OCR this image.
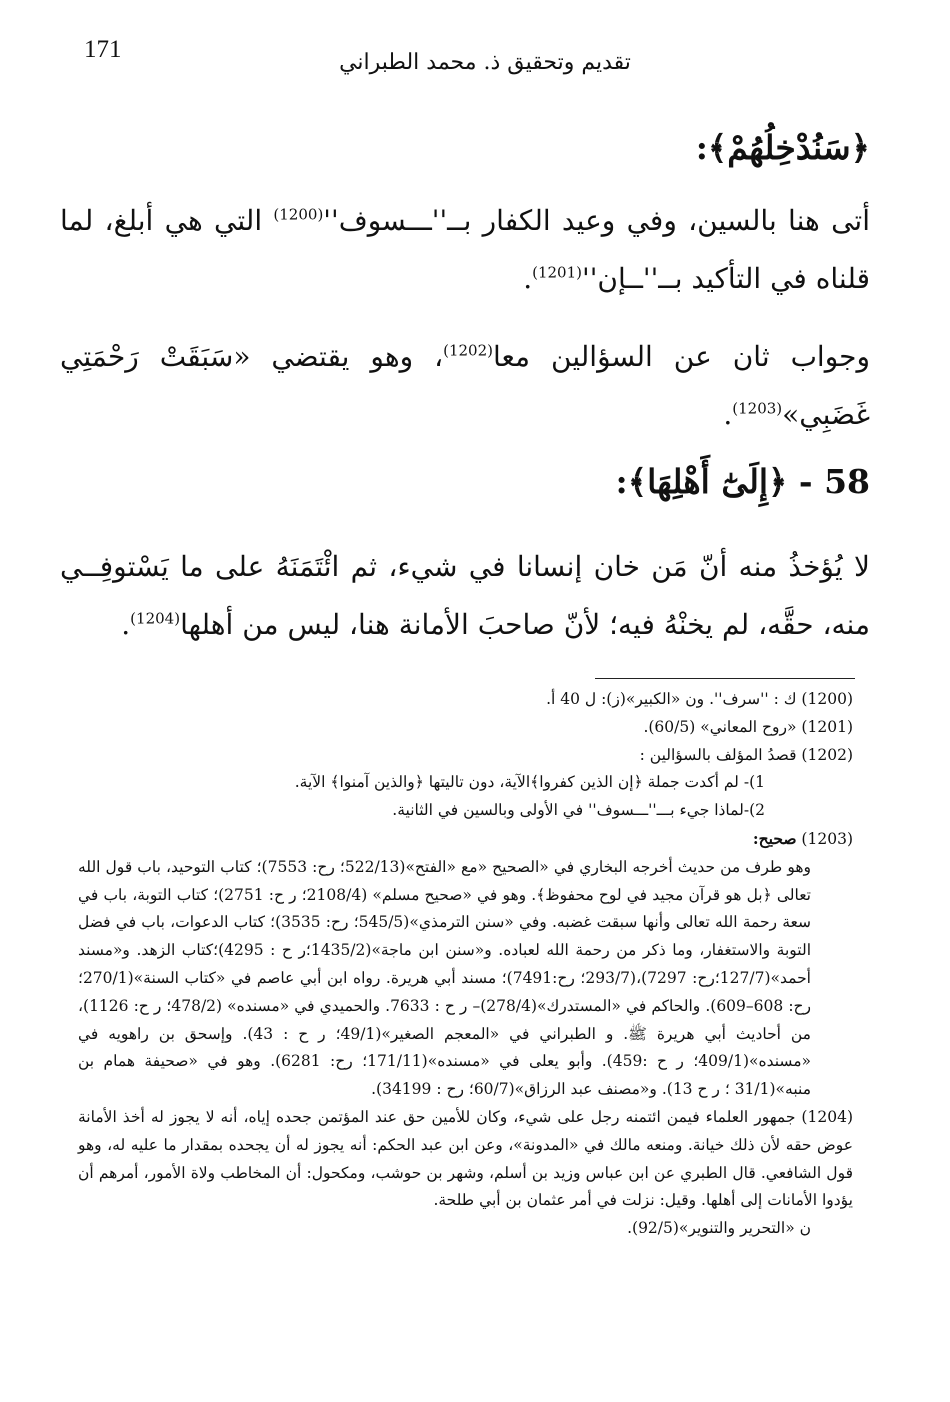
171	تقديم وتحقيق ذ. محمد الطبراني
﴿سَنُدْخِلُهُمْ﴾:
أتى هنا بالسين، وفي وعيد الكفار $بــ''ـــسوف''^{(1200)}$ التي هي أبلغ، لما قلناه في التأكيد $بــ''ــإن''^{(1201)}$.
وجواب ثان عن السؤالين معا$^{(1202)}$، وهو يقتضي «سَبَقَتْ رَحْمَتِي غَضَبِي»$^{(1203)}$.
58 - ﴿إِلَىٰٓ أَهْلِهَا﴾:
لا يُؤخذُ منه أنّ مَن خان إنسانا في شيء، ثم ائْتَمَنَهُ على ما يَسْتوفِــي منه، حقَّه، لم يخنْهُ فيه؛ لأنّ صاحبَ الأمانة هنا، ليس من أهلها$^{(1204)}$.

(1200) ك : ''سرف''. ون «الكبير»(ز): ل 40 أ.

(1201) «روح المعاني» (60/5).

(1202) قصدُ المؤلف بالسؤالين :

1)- لم أكدت جملة ﴿إن الذين كفروا﴾الآية، دون تاليتها ﴿والذين آمنوا﴾ الآية.

2)-لماذا جيء بـــ''ـــسوف'' في الأولى وبالسين في الثانية.

(1203) صحيح:

وهو طرف من حديث أخرجه البخاري في «الصحيح «مع «الفتح»(522/13؛ رح: 7553)؛ كتاب التوحيد، باب قول الله تعالى ﴿بل هو قرآن مجيد في لوح محفوظ﴾. وهو في «صحيح مسلم» (2108/4؛ ر ح: 2751)؛ كتاب التوبة، باب في سعة رحمة الله تعالى وأنها سبقت غضبه. وفي «سنن الترمذي»(545/5؛ رح: 3535)؛ كتاب الدعوات، باب في فضل التوبة والاستغفار، وما ذكر من رحمة الله لعباده. و«سنن ابن ماجة»(1435/2؛ر ح : 4295)؛كتاب الزهد. و«مسند أحمد»(127/7؛رح: 7297)،(293/7؛ رح:7491)؛ مسند أبي هريرة. رواه ابن أبي عاصم في «كتاب السنة»(270/1؛ رح: 608–609). والحاكم في «المستدرك»(278/4)– ر ح : 7633. والحميدي في «مسنده» (478/2؛ ر ح: 1126)، من أحاديث أبي هريرة ﷺ. و الطبراني في «المعجم الصغير»(49/1؛ ر ح : 43). وإسحق بن راهويه في «مسنده»(409/1؛ ر ح :459). وأبو يعلى في «مسنده»(171/11؛ رح: 6281). وهو في «صحيفة همام بن منبه»(31/1 ؛ ر ح 13). و«مصنف عبد الرزاق»(60/7؛ رح : 34199).

(1204) جمهور العلماء فيمن ائتمنه رجل على شيء، وكان للأمين حق عند المؤتمن جحده إياه، أنه لا يجوز له أخذ الأمانة عوض حقه لأن ذلك خيانة. ومنعه مالك في «المدونة»، وعن ابن عبد الحكم: أنه يجوز له أن يجحده بمقدار ما عليه له، وهو قول الشافعي. قال الطبري عن ابن عباس وزيد بن أسلم، وشهر بن حوشب، ومكحول: أن المخاطب ولاة الأمور، أمرهم أن يؤدوا الأمانات إلى أهلها. وقيل: نزلت في أمر عثمان بن أبي طلحة.

ن «التحرير والتنوير»(92/5).
